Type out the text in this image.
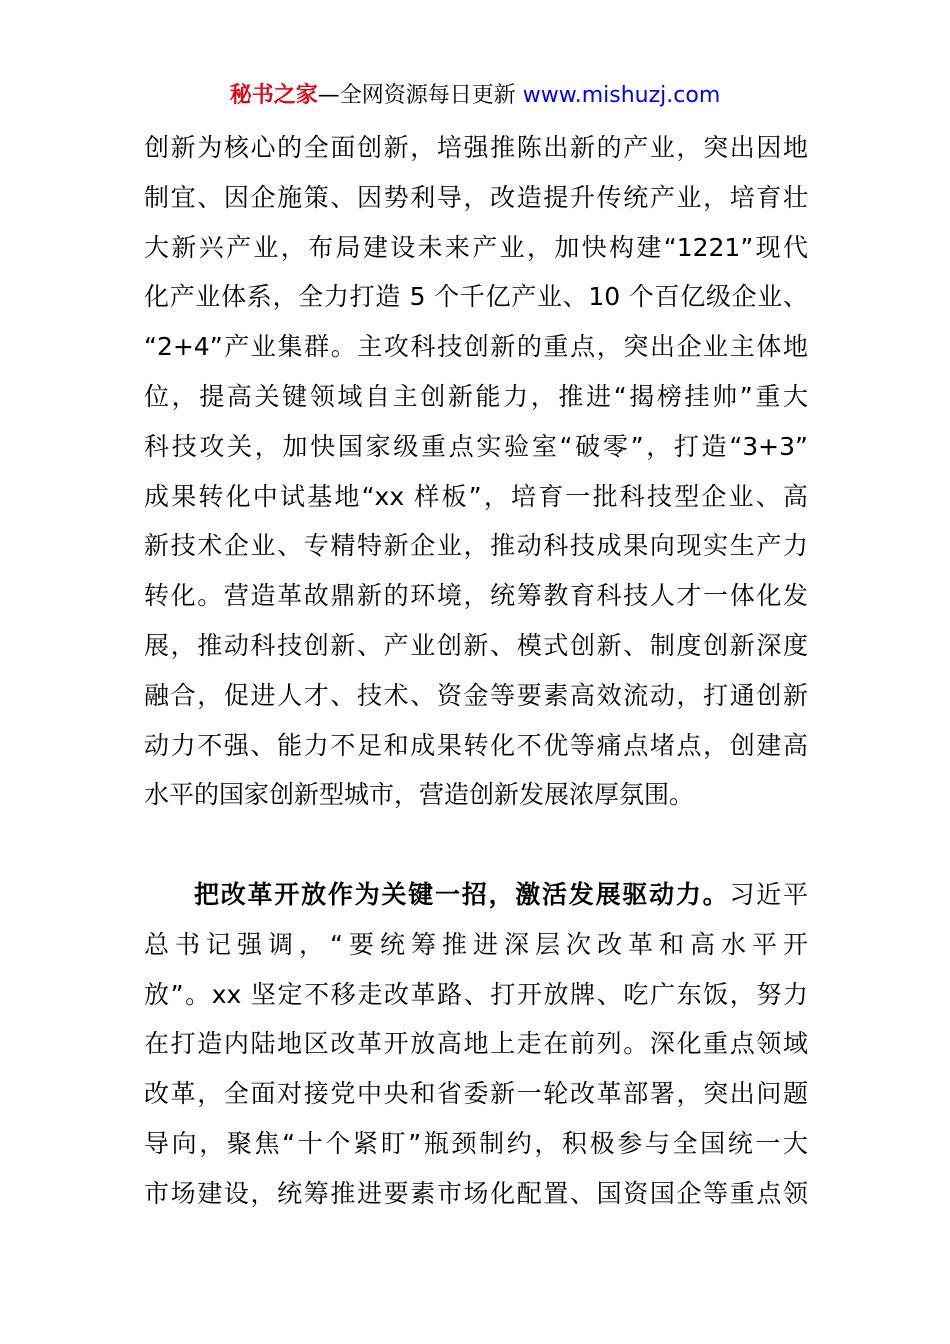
秘书之家—全网资源每日更新 www.mishuzj.com
创新为核心的全面创新，培强推陈出新的产业，突出因地
制宜、因企施策、因势利导，改造提升传统产业，培育壮
大新兴产业，布局建设未来产业，加快构建“1221”现代
化产业体系，全力打造 5 个千亿产业、10 个百亿级企业、
“2+4”产业集群。主攻科技创新的重点，突出企业主体地
位，提高关键领域自主创新能力，推进“揭榜挂帅”重大
科技攻关，加快国家级重点实验室“破零”，打造“3+3”
成果转化中试基地“xx 样板”，培育一批科技型企业、高
新技术企业、专精特新企业，推动科技成果向现实生产力
转化。营造革故鼎新的环境，统筹教育科技人才一体化发
展，推动科技创新、产业创新、模式创新、制度创新深度
融合，促进人才、技术、资金等要素高效流动，打通创新
动力不强、能力不足和成果转化不优等痛点堵点，创建高
水平的国家创新型城市，营造创新发展浓厚氛围。
把改革开放作为关键一招，激活发展驱动力。习近平
总书记强调，“要统筹推进深层次改革和高水平开
放”。xx 坚定不移走改革路、打开放牌、吃广东饭，努力
在打造内陆地区改革开放高地上走在前列。深化重点领域
改革，全面对接党中央和省委新一轮改革部署，突出问题
导向，聚焦“十个紧盯”瓶颈制约，积极参与全国统一大
市场建设，统筹推进要素市场化配置、国资国企等重点领
